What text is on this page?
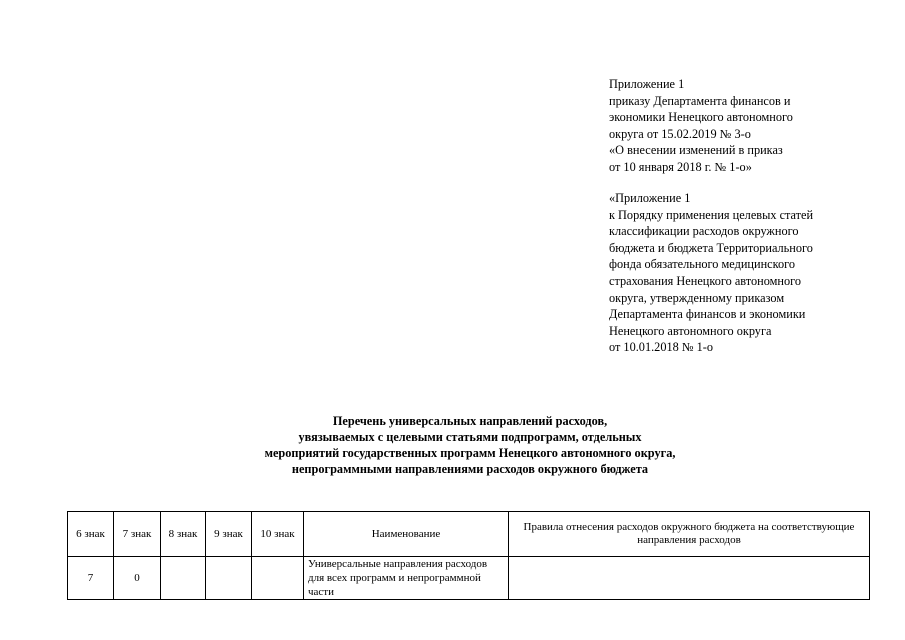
Приложение 1
приказу Департамента финансов и
экономики Ненецкого автономного
округа от 15.02.2019 № 3-о
«О внесении изменений в приказ
от 10 января 2018 г. № 1-о»
«Приложение 1
к Порядку применения целевых статей
классификации расходов окружного
бюджета и бюджета Территориального
фонда обязательного медицинского
страхования Ненецкого автономного
округа, утвержденному приказом
Департамента финансов и экономики
Ненецкого автономного округа
от 10.01.2018 № 1-о
Перечень универсальных направлений расходов,
увязываемых с целевыми статьями подпрограмм, отдельных
мероприятий государственных программ Ненецкого автономного округа,
непрограммными направлениями расходов окружного бюджета
6 знак	7 знак	8 знак	9 знак	10 знак	Наименование	Правила отнесения расходов окружного бюджета на соответствующие направления расходов
7	0				Универсальные направления расходов для всех программ и непрограммной части	
